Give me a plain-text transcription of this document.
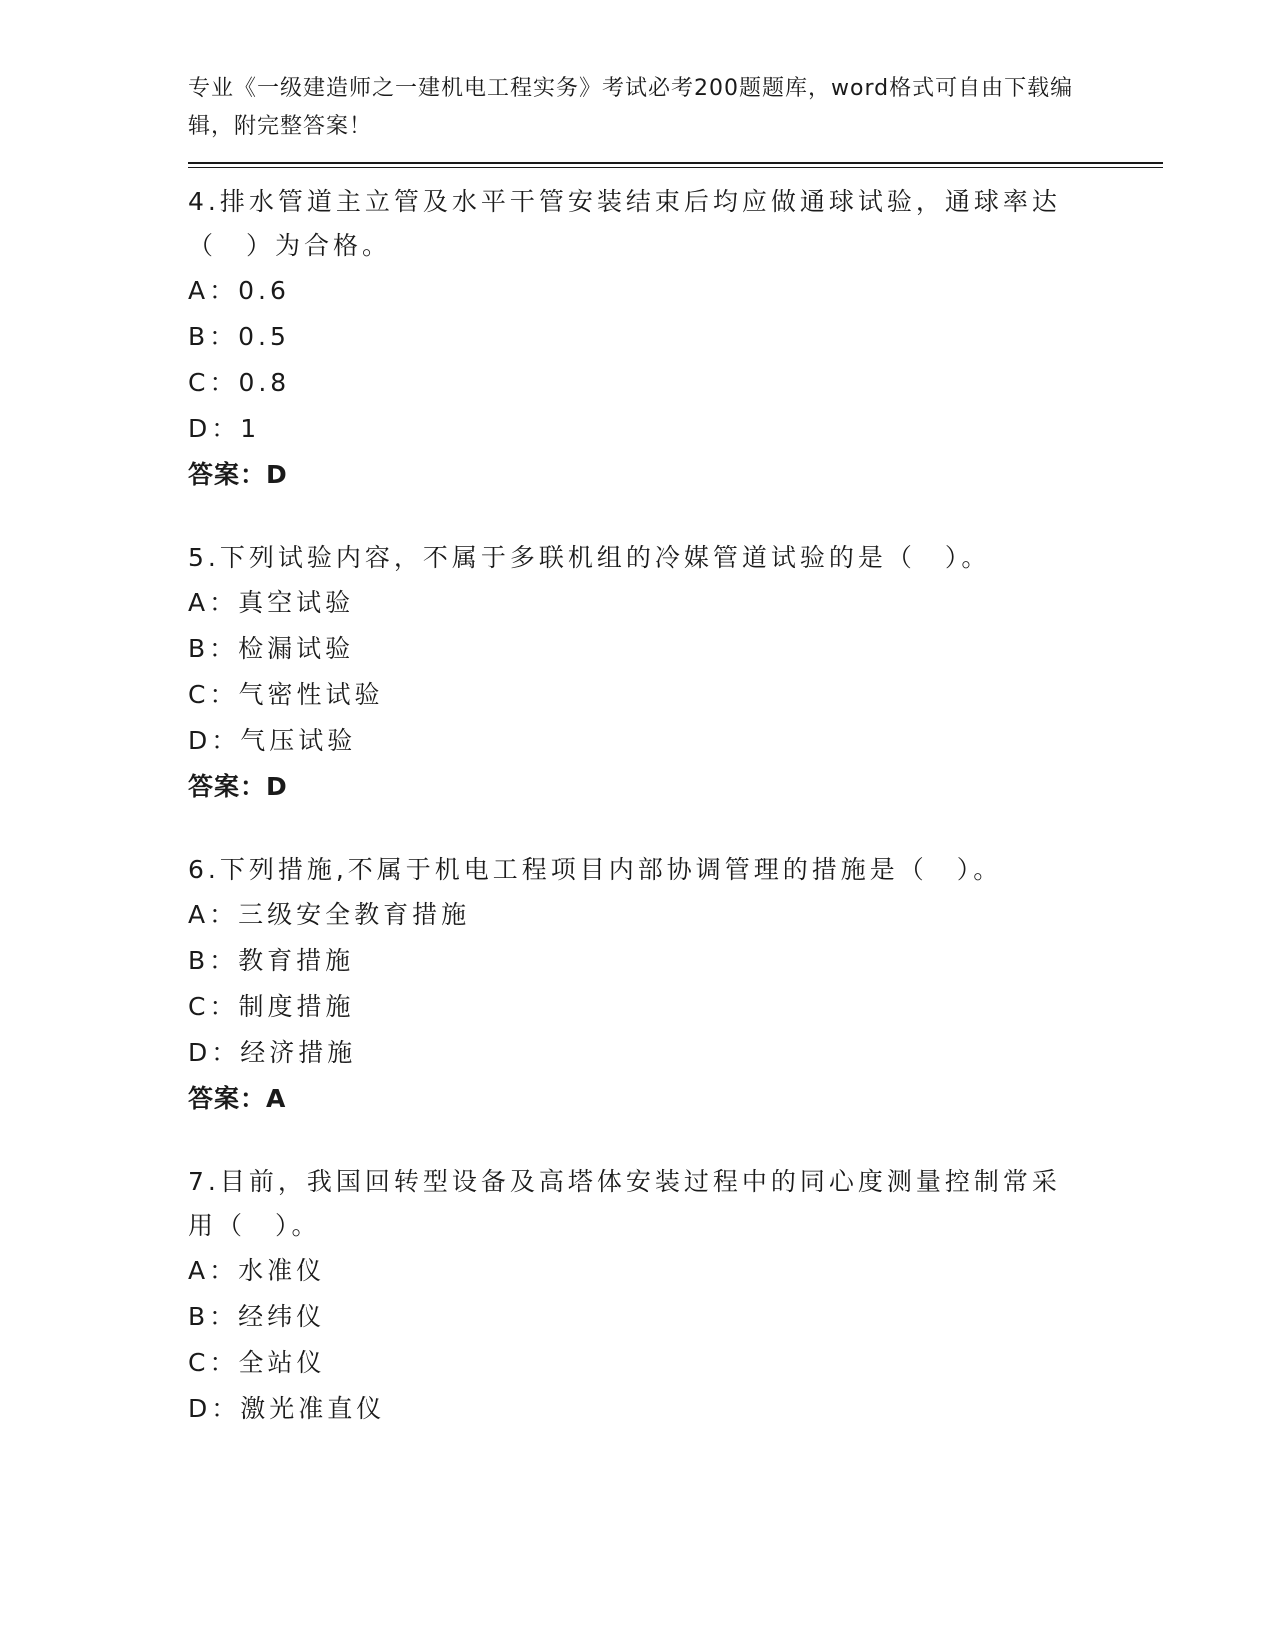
专业《一级建造师之一建机电工程实务》考试必考200题题库，word格式可自由下载编辑，附完整答案！
4.排水管道主立管及水平干管安装结束后均应做通球试验，通球率达（　）为合格。
A：0.6
B：0.5
C：0.8
D：1
答案：D
5.下列试验内容，不属于多联机组的冷媒管道试验的是（　）。
A：真空试验
B：检漏试验
C：气密性试验
D：气压试验
答案：D
6.下列措施,不属于机电工程项目内部协调管理的措施是（　）。
A：三级安全教育措施
B：教育措施
C：制度措施
D：经济措施
答案：A
7.目前，我国回转型设备及高塔体安装过程中的同心度测量控制常采用（　）。
A：水准仪
B：经纬仪
C：全站仪
D：激光准直仪
